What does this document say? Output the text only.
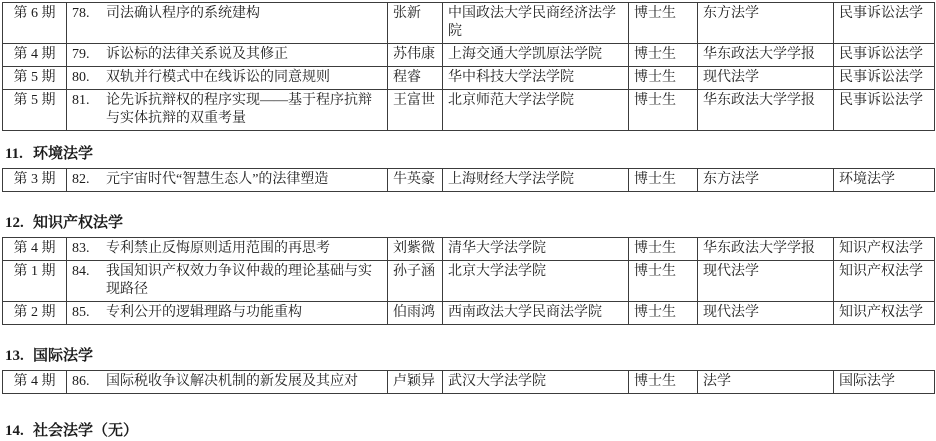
第 6 期	78. 司法确认程序的系统建构	张新	中国政法大学民商经济法学院	博士生	东方法学	民事诉讼法学
第 4 期	79. 诉讼标的法律关系说及其修正	苏伟康	上海交通大学凯原法学院	博士生	华东政法大学学报	民事诉讼法学
第 5 期	80. 双轨并行模式中在线诉讼的同意规则	程睿	华中科技大学法学院	博士生	现代法学	民事诉讼法学
第 5 期	81. 论先诉抗辩权的程序实现——基于程序抗辩与实体抗辩的双重考量	王富世	北京师范大学法学院	博士生	华东政法大学学报	民事诉讼法学
11. 环境法学
第 3 期	82.	元宇宙时代“智慧生态人”的法律塑造	牛英豪	上海财经大学法学院	博士生	东方法学	环境法学
12. 知识产权法学
第 4 期	83. 专利禁止反悔原则适用范围的再思考	刘紫微	清华大学法学院	博士生	华东政法大学学报	知识产权法学
第 1 期	84. 我国知识产权效力争议仲裁的理论基础与实现路径	孙子涵	北京大学法学院	博士生	现代法学	知识产权法学
第 2 期	85. 专利公开的逻辑理路与功能重构	伯雨鸿	西南政法大学民商法学院	博士生	现代法学	知识产权法学
13. 国际法学
第 4 期	86.	国际税收争议解决机制的新发展及其应对	卢颖异	武汉大学法学院	博士生	法学	国际法学
14. 社会法学（无）
